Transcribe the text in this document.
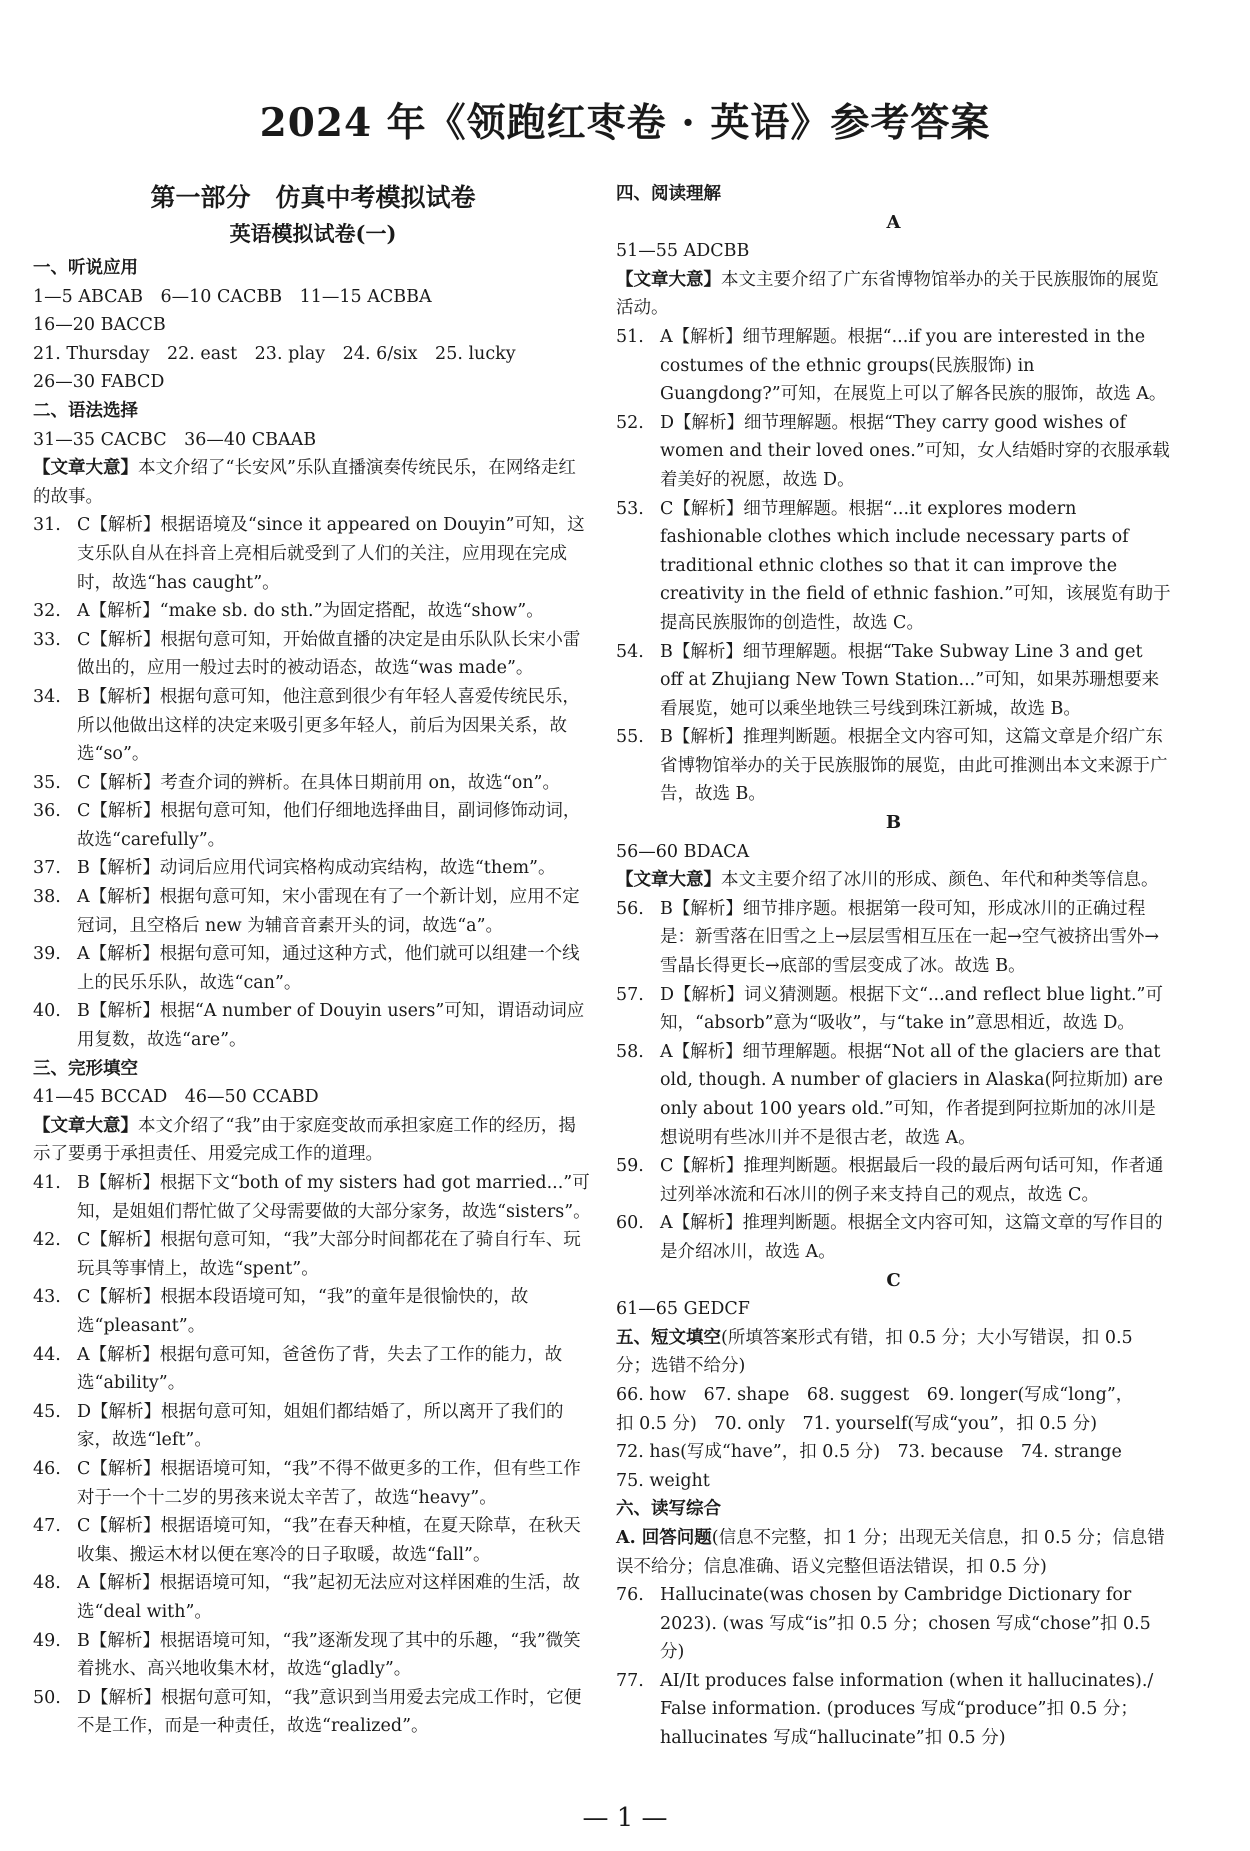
2024 年《领跑红枣卷 · 英语》参考答案
第一部分　仿真中考模拟试卷
英语模拟试卷(一)
一、听说应用
1—5 ABCAB　6—10 CACBB　11—15 ACBBA
16—20 BACCB
21. Thursday　22. east　23. play　24. 6/six　25. lucky
26—30 FABCD
二、语法选择
31—35 CACBC　36—40 CBAAB
【文章大意】本文介绍了“长安风”乐队直播演奏传统民乐，在网络走红的故事。
31. C【解析】根据语境及“since it appeared on Douyin”可知，这支乐队自从在抖音上亮相后就受到了人们的关注，应用现在完成时，故选“has caught”。
32. A【解析】“make sb. do sth.”为固定搭配，故选“show”。
33. C【解析】根据句意可知，开始做直播的决定是由乐队队长宋小雷做出的，应用一般过去时的被动语态，故选“was made”。
34. B【解析】根据句意可知，他注意到很少有年轻人喜爱传统民乐，所以他做出这样的决定来吸引更多年轻人，前后为因果关系，故选“so”。
35. C【解析】考查介词的辨析。在具体日期前用 on，故选“on”。
36. C【解析】根据句意可知，他们仔细地选择曲目，副词修饰动词，故选“carefully”。
37. B【解析】动词后应用代词宾格构成动宾结构，故选“them”。
38. A【解析】根据句意可知，宋小雷现在有了一个新计划，应用不定冠词，且空格后 new 为辅音音素开头的词，故选“a”。
39. A【解析】根据句意可知，通过这种方式，他们就可以组建一个线上的民乐乐队，故选“can”。
40. B【解析】根据“A number of Douyin users”可知，谓语动词应用复数，故选“are”。
三、完形填空
41—45 BCCAD　46—50 CCABD
【文章大意】本文介绍了“我”由于家庭变故而承担家庭工作的经历，揭示了要勇于承担责任、用爱完成工作的道理。
41. B【解析】根据下文“both of my sisters had got married...”可知，是姐姐们帮忙做了父母需要做的大部分家务，故选“sisters”。
42. C【解析】根据句意可知，“我”大部分时间都花在了骑自行车、玩玩具等事情上，故选“spent”。
43. C【解析】根据本段语境可知，“我”的童年是很愉快的，故选“pleasant”。
44. A【解析】根据句意可知，爸爸伤了背，失去了工作的能力，故选“ability”。
45. D【解析】根据句意可知，姐姐们都结婚了，所以离开了我们的家，故选“left”。
46. C【解析】根据语境可知，“我”不得不做更多的工作，但有些工作对于一个十二岁的男孩来说太辛苦了，故选“heavy”。
47. C【解析】根据语境可知，“我”在春天种植，在夏天除草，在秋天收集、搬运木材以便在寒冷的日子取暖，故选“fall”。
48. A【解析】根据语境可知，“我”起初无法应对这样困难的生活，故选“deal with”。
49. B【解析】根据语境可知，“我”逐渐发现了其中的乐趣，“我”微笑着挑水、高兴地收集木材，故选“gladly”。
50. D【解析】根据句意可知，“我”意识到当用爱去完成工作时，它便不是工作，而是一种责任，故选“realized”。
四、阅读理解
A
51—55 ADCBB
【文章大意】本文主要介绍了广东省博物馆举办的关于民族服饰的展览活动。
51. A【解析】细节理解题。根据“...if you are interested in the costumes of the ethnic groups(民族服饰) in Guangdong?”可知，在展览上可以了解各民族的服饰，故选 A。
52. D【解析】细节理解题。根据“They carry good wishes of women and their loved ones.”可知，女人结婚时穿的衣服承载着美好的祝愿，故选 D。
53. C【解析】细节理解题。根据“...it explores modern fashionable clothes which include necessary parts of traditional ethnic clothes so that it can improve the creativity in the field of ethnic fashion.”可知，该展览有助于提高民族服饰的创造性，故选 C。
54. B【解析】细节理解题。根据“Take Subway Line 3 and get off at Zhujiang New Town Station...”可知，如果苏珊想要来看展览，她可以乘坐地铁三号线到珠江新城，故选 B。
55. B【解析】推理判断题。根据全文内容可知，这篇文章是介绍广东省博物馆举办的关于民族服饰的展览，由此可推测出本文来源于广告，故选 B。
B
56—60 BDACA
【文章大意】本文主要介绍了冰川的形成、颜色、年代和种类等信息。
56. B【解析】细节排序题。根据第一段可知，形成冰川的正确过程是：新雪落在旧雪之上→层层雪相互压在一起→空气被挤出雪外→雪晶长得更长→底部的雪层变成了冰。故选 B。
57. D【解析】词义猜测题。根据下文“...and reflect blue light.”可知，“absorb”意为“吸收”，与“take in”意思相近，故选 D。
58. A【解析】细节理解题。根据“Not all of the glaciers are that old, though. A number of glaciers in Alaska(阿拉斯加) are only about 100 years old.”可知，作者提到阿拉斯加的冰川是想说明有些冰川并不是很古老，故选 A。
59. C【解析】推理判断题。根据最后一段的最后两句话可知，作者通过列举冰流和石冰川的例子来支持自己的观点，故选 C。
60. A【解析】推理判断题。根据全文内容可知，这篇文章的写作目的是介绍冰川，故选 A。
C
61—65 GEDCF
五、短文填空(所填答案形式有错，扣 0.5 分；大小写错误，扣 0.5 分；选错不给分)
66. how　67. shape　68. suggest　69. longer(写成“long”，
扣 0.5 分)　70. only　71. yourself(写成“you”，扣 0.5 分)
72. has(写成“have”，扣 0.5 分)　73. because　74. strange
75. weight
六、读写综合
A. 回答问题(信息不完整，扣 1 分；出现无关信息，扣 0.5 分；信息错误不给分；信息准确、语义完整但语法错误，扣 0.5 分)
76. Hallucinate(was chosen by Cambridge Dictionary for 2023). (was 写成“is”扣 0.5 分；chosen 写成“chose”扣 0.5 分)
77. AI/It produces false information (when it hallucinates)./ False information. (produces 写成“produce”扣 0.5 分；hallucinates 写成“hallucinate”扣 0.5 分)
— 1 —
